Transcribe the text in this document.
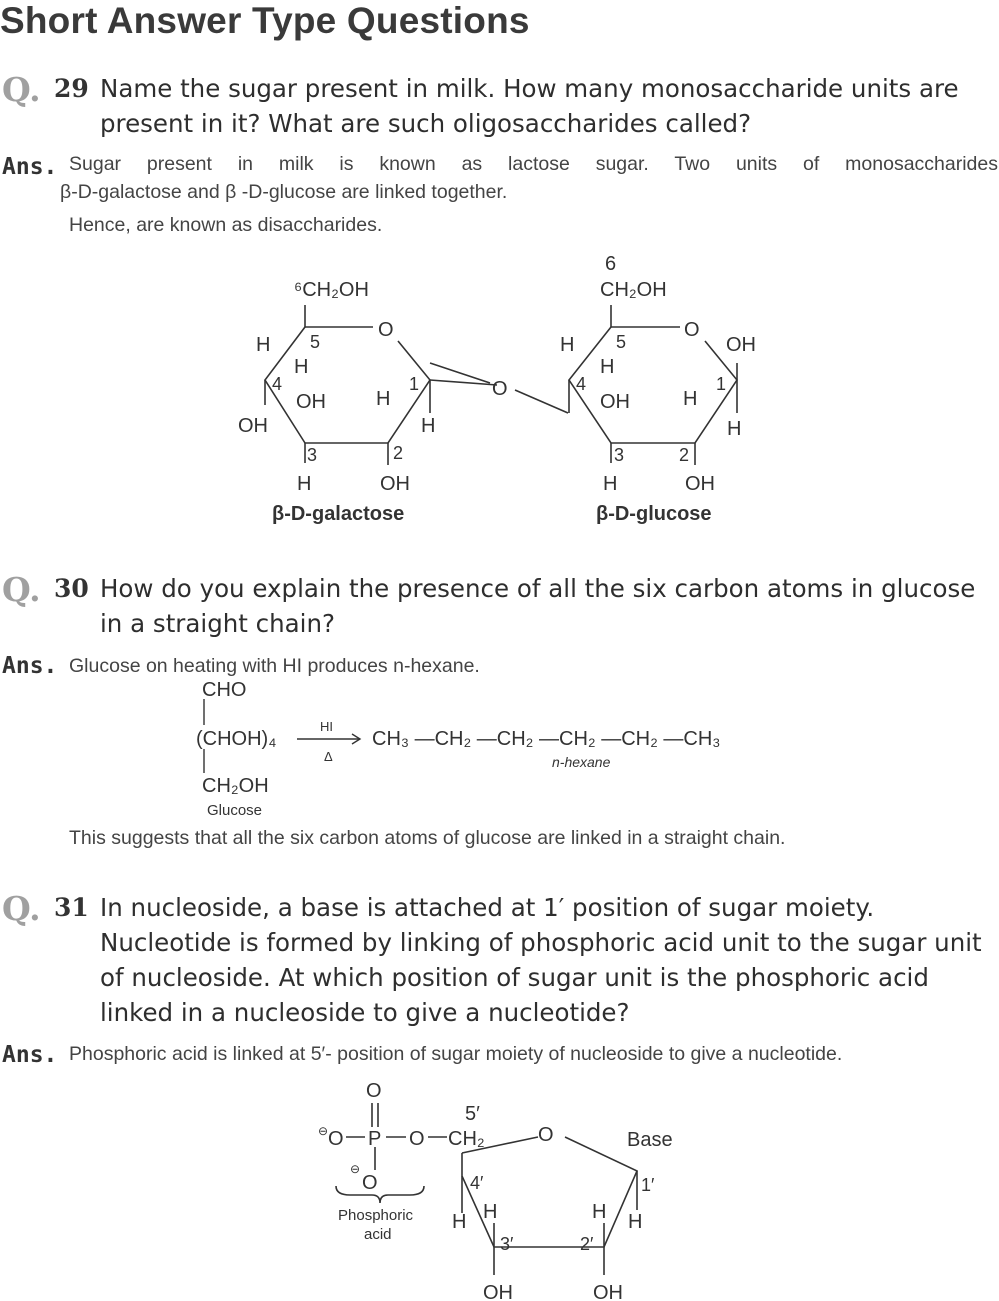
Short Answer Type Questions
Q. 29 Name the sugar present in milk. How many monosaccharide units are
present in it? What are such oligosaccharides called?
Ans. Sugar present in milk is known as lactose sugar. Two units of monosaccharides
β-D-galactose and β -D-glucose are linked together.
Hence, are known as disaccharides.
⁶CH₂OH
O
H 5
H
4
OH	H
1
H
OH
3	2
H	OH
O
6
CH₂OH
O
OH
H 5
H
4
OH	H
1
H
3	2
H	OH
β-D-galactose	β-D-glucose
Q. 30 How do you explain the presence of all the six carbon atoms in glucose
in a straight chain?
Ans. Glucose on heating with HI produces n-hexane.
CHO
(CHOH)₄
CH₂OH
Glucose
HI
Δ
CH₃ —CH₂ —CH₂ —CH₂ —CH₂ —CH₃
n-hexane
This suggests that all the six carbon atoms of glucose are linked in a straight chain.
Q. 31 In nucleoside, a base is attached at 1′ position of sugar moiety.
Nucleotide is formed by linking of phosphoric acid unit to the sugar unit
of nucleoside. At which position of sugar unit is the phosphoric acid
linked in a nucleoside to give a nucleotide?
Ans. Phosphoric acid is linked at 5′- position of sugar moiety of nucleoside to give a nucleotide.
O
⊖ O P O
5′
CH₂	O	Base
⊖
O	4′	1′
Phosphoric
acid
H H	H H
3′	2′
OH	OH
